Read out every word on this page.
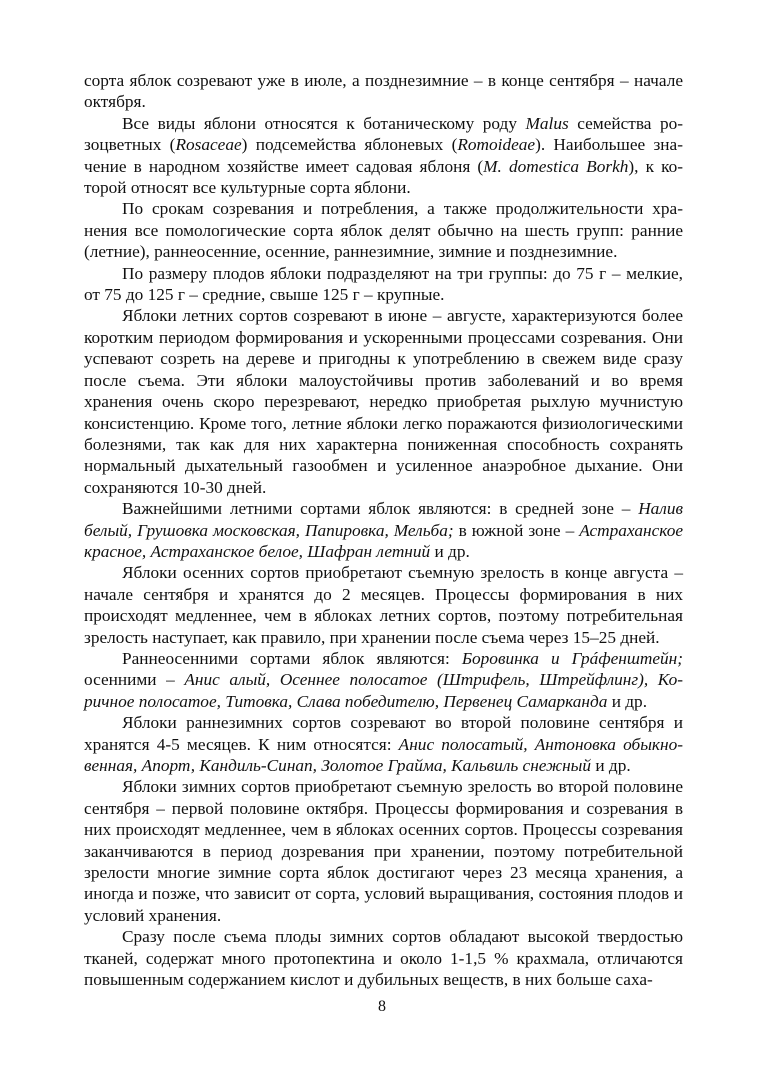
сорта яблок созревают уже в июле, а позднезимние – в конце сентября – начале октября.

Все виды яблони относятся к ботаническому роду Malus семейства розоцветных (Rosaceae) подсемейства яблоневых (Romoideae). Наибольшее значение в народном хозяйстве имеет садовая яблоня (M. domestica Borkh), к которой относят все культурные сорта яблони.

По срокам созревания и потребления, а также продолжительности хранения все помологические сорта яблок делят обычно на шесть групп: ранние (летние), раннеосенние, осенние, раннезимние, зимние и позднезимние.

По размеру плодов яблоки подразделяют на три группы: до 75 г – мелкие, от 75 до 125 г – средние, свыше 125 г – крупные.

Яблоки летних сортов созревают в июне – августе, характеризуются более коротким периодом формирования и ускоренными процессами созревания. Они успевают созреть на дереве и пригодны к употреблению в свежем виде сразу после съема. Эти яблоки малоустойчивы против заболеваний и во время хранения очень скоро перезревают, нередко приобретая рыхлую мучнистую консистенцию. Кроме того, летние яблоки легко поражаются физиологическими болезнями, так как для них характерна пониженная способность сохранять нормальный дыхательный газообмен и усиленное анаэробное дыхание. Они сохраняются 10-30 дней.

Важнейшими летними сортами яблок являются: в средней зоне – Налив белый, Грушовка московская, Папировка, Мельба; в южной зоне – Астраханское красное, Астраханское белое, Шафран летний и др.

Яблоки осенних сортов приобретают съемную зрелость в конце августа – начале сентября и хранятся до 2 месяцев. Процессы формирования в них происходят медленнее, чем в яблоках летних сортов, поэтому потребительная зрелость наступает, как правило, при хранении после съема через 15–25 дней.

Раннеосенними сортами яблок являются: Боровинка и Грáфенштейн; осенними – Анис алый, Осеннее полосатое (Штрифель, Штрейфлинг), Коричное полосатое, Титовка, Слава победителю, Первенец Самарканда и др.

Яблоки раннезимних сортов созревают во второй половине сентября и хранятся 4-5 месяцев. К ним относятся: Анис полосатый, Антоновка обыкновенная, Апорт, Кандиль-Синап, Золотое Грайма, Кальвиль снежный и др.

Яблоки зимних сортов приобретают съемную зрелость во второй половине сентября – первой половине октября. Процессы формирования и созревания в них происходят медленнее, чем в яблоках осенних сортов. Процессы созревания заканчиваются в период дозревания при хранении, поэтому потребительной зрелости многие зимние сорта яблок достигают через 23 месяца хранения, а иногда и позже, что зависит от сорта, условий выращивания, состояния плодов и условий хранения.

Сразу после съема плоды зимних сортов обладают высокой твердостью тканей, содержат много протопектина и около 1-1,5 % крахмала, отличаются повышенным содержанием кислот и дубильных веществ, в них больше саха-

8
